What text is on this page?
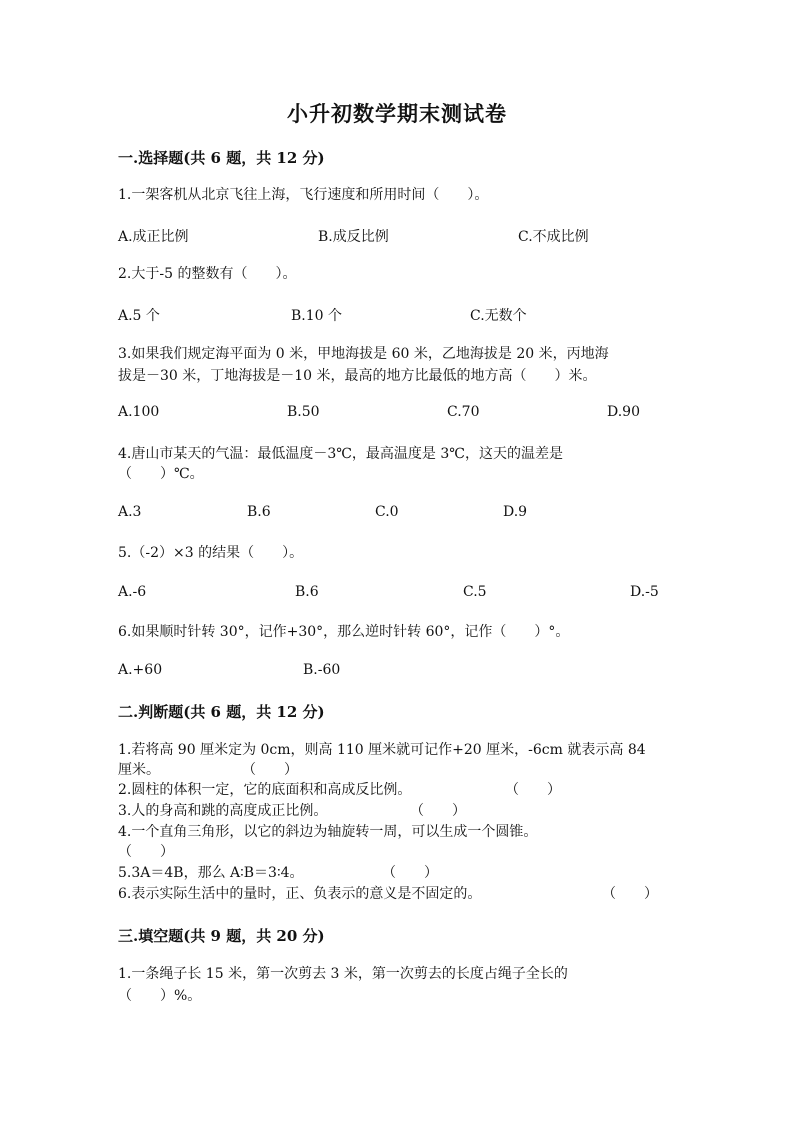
小升初数学期末测试卷
一.选择题(共 6 题，共 12 分)
1.一架客机从北京飞往上海，飞行速度和所用时间（　　）。
A.成正比例	B.成反比例	C.不成比例
2.大于-5 的整数有（　　）。
A.5 个	B.10 个	C.无数个
3.如果我们规定海平面为 0 米，甲地海拔是 60 米，乙地海拔是 20 米，丙地海
拔是－30 米，丁地海拔是－10 米，最高的地方比最低的地方高（　　）米。
A.100	B.50	C.70	D.90
4.唐山市某天的气温：最低温度－3℃，最高温度是 3℃，这天的温差是
（　　）℃。
A.3	B.6	C.0	D.9
5.（-2）×3 的结果（　　）。
A.-6	B.6	C.5	D.-5
6.如果顺时针转 30°，记作+30°，那么逆时针转 60°，记作（　　）°。
A.+60	B.-60
二.判断题(共 6 题，共 12 分)
1.若将高 90 厘米定为 0cm，则高 110 厘米就可记作+20 厘米，-6cm 就表示高 84
厘米。	（　　）
2.圆柱的体积一定，它的底面积和高成反比例。	（　　）
3.人的身高和跳的高度成正比例。	（　　）
4.一个直角三角形，以它的斜边为轴旋转一周，可以生成一个圆锥。
（　　）
5.3A＝4B，那么 A∶B＝3∶4。	（　　）
6.表示实际生活中的量时，正、负表示的意义是不固定的。	（　　）
三.填空题(共 9 题，共 20 分)
1.一条绳子长 15 米，第一次剪去 3 米，第一次剪去的长度占绳子全长的
（　　）%。
